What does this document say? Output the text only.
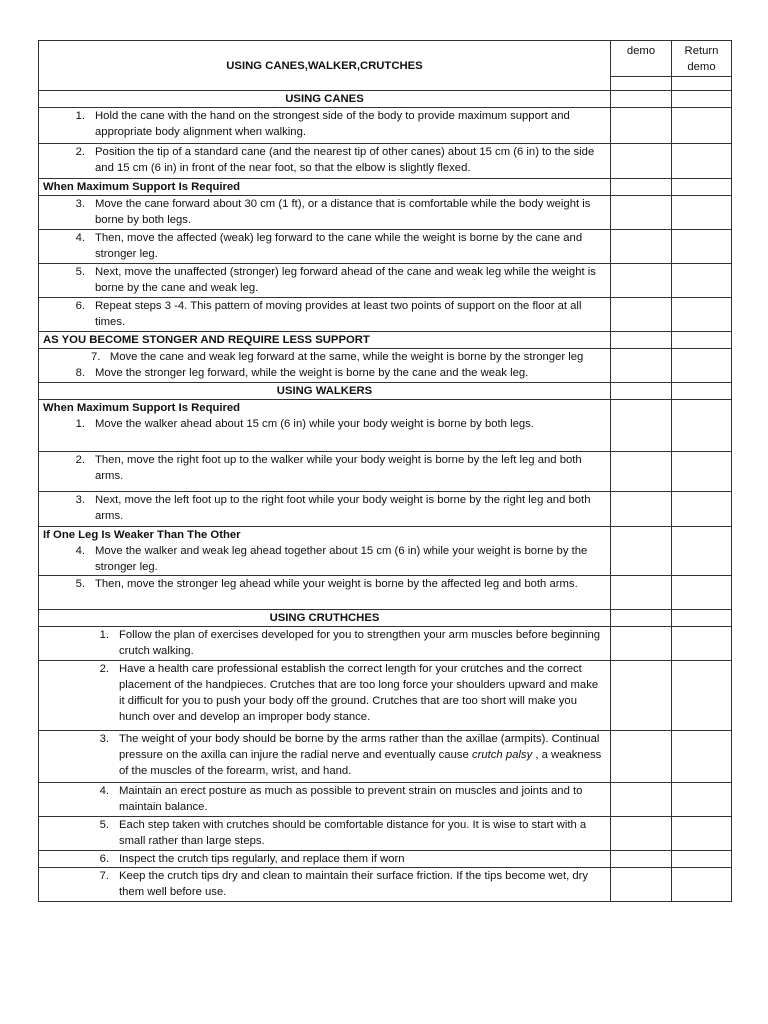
USING CANES,WALKER,CRUTCHES	demo	Return demo

USING CANES		

1. Hold the cane with the hand on the strongest side of the body to provide maximum support and appropriate body alignment when walking.		

2. Position the tip of a standard cane (and the nearest tip of other canes) about 15 cm (6 in) to the side and 15 cm (6 in) in front of the near foot, so that the elbow is slightly flexed.		

When Maximum Support Is Required		

3. Move the cane forward about 30 cm (1 ft), or a distance that is comfortable while the body weight is borne by both legs.		

4. Then, move the affected (weak) leg forward to the cane while the weight is borne by the cane and stronger leg.		

5. Next, move the unaffected (stronger) leg forward ahead of the cane and weak leg while the weight is borne by the cane and weak leg.		

6. Repeat steps 3 -4. This pattern of moving provides at least two points of support on the floor at all times.		

AS YOU BECOME STONGER AND REQUIRE LESS SUPPORT		

7. Move the cane and weak leg forward at the same, while the weight is borne by the stronger leg
8. Move the stronger leg forward, while the weight is borne by the cane and the weak leg.		

USING WALKERS		

When Maximum Support Is Required
1. Move the walker ahead about 15 cm (6 in) while your body weight is borne by both legs.		

2. Then, move the right foot up to the walker while your body weight is borne by the left leg and both arms.		

3. Next, move the left foot up to the right foot while your body weight is borne by the right leg and both arms.		

If One Leg Is Weaker Than The Other
4. Move the walker and weak leg ahead together about 15 cm (6 in) while your weight is borne by the stronger leg.		

5. Then, move the stronger leg ahead while your weight is borne by the affected leg and both arms.		

USING CRUTHCHES		

1. Follow the plan of exercises developed for you to strengthen your arm muscles before beginning crutch walking.		

2. Have a health care professional establish the correct length for your crutches and the correct placement of the handpieces. Crutches that are too long force your shoulders upward and make it difficult for you to push your body off the ground. Crutches that are too short will make you hunch over and develop an improper body stance.		

3. The weight of your body should be borne by the arms rather than the axillae (armpits). Continual pressure on the axilla can injure the radial nerve and eventually cause crutch palsy , a weakness of the muscles of the forearm, wrist, and hand.		

4. Maintain an erect posture as much as possible to prevent strain on muscles and joints and to maintain balance.		

5. Each step taken with crutches should be comfortable distance for you. It is wise to start with a small rather than large steps.		

6. Inspect the crutch tips regularly, and replace them if worn		

7. Keep the crutch tips dry and clean to maintain their surface friction. If the tips become wet, dry them well before use.		
